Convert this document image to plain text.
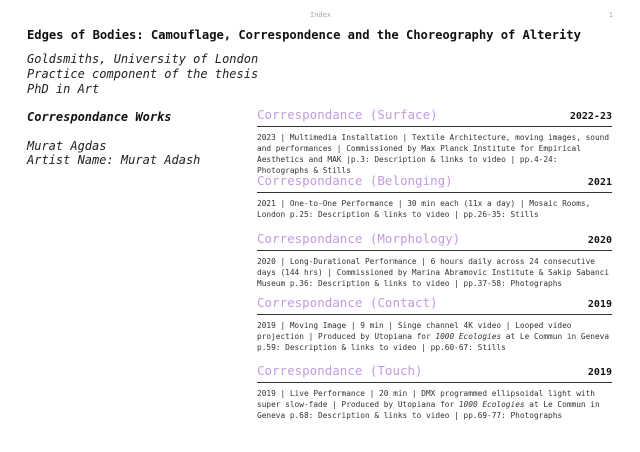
Index	1
Edges of Bodies: Camouflage, Correspondence and the Choreography of Alterity
Goldsmiths, University of London
Practice component of the thesis
PhD in Art
Correspondance Works
Murat Agdas
Artist Name: Murat Adash
Correspondance (Surface)	2022-23
2023 | Multimedia Installation | Textile Architecture, moving images, sound and performances | Commissioned by Max Planck Institute for Empirical Aesthetics and MAK |p.3: Description & links to video | pp.4-24: Photographs & Stills
Correspondance (Belonging)	2021
2021 | One-to-One Performance | 30 min each (11x a day) | Mosaic Rooms, London p.25: Description & links to video | pp.26-35: Stills
Correspondance (Morphology)	2020
2020 | Long-Durational Performance | 6 hours daily across 24 consecutive days (144 hrs) | Commissioned by Marina Abramovic Institute & Sakip Sabanci Museum p.36: Description & links to video | pp.37-58: Photographs
Correspondance (Contact)	2019
2019 | Moving Image | 9 min | Singe channel 4K video | Looped video projection | Produced by Utopiana for 1000 Ecologies at Le Commun in Geneva p.59: Description & links to video | pp.60-67: Stills
Correspondance (Touch)	2019
2019 | Live Performance | 20 min | DMX programmed ellipsoidal light with super slow-fade | Produced by Utopiana for 1000 Ecologies at Le Commun in Geneva p.68: Description & links to video | pp.69-77: Photographs
